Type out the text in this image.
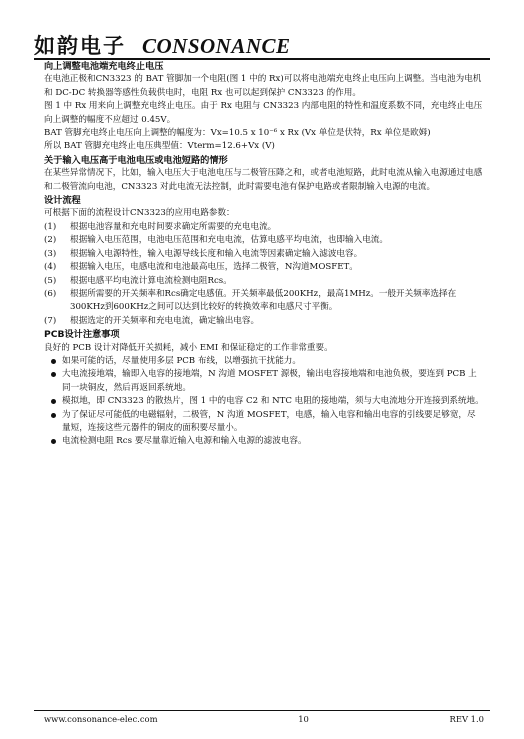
如韵电子 CONSONANCE
向上调整电池端充电终止电压

在电池正极和CN3323 的 BAT 管脚加一个电阻(图 1 中的 Rx)可以将电池端充电终止电压向上调整。当电池为电机和 DC-DC 转换器等感性负载供电时，电阻 Rx 也可以起到保护 CN3323 的作用。

图 1 中 Rx 用来向上调整充电终止电压。由于 Rx 电阻与 CN3323 内部电阻的特性和温度系数不同，充电终止电压向上调整的幅度不应超过 0.45V。

BAT 管脚充电终止电压向上调整的幅度为：Vx=10.5 x 10⁻⁶ x Rx (Vx 单位是伏特，Rx 单位是欧姆)

所以 BAT 管脚充电终止电压典型值：Vterm=12.6+Vx (V)

关于输入电压高于电池电压或电池短路的情形

在某些异常情况下，比如，输入电压大于电池电压与二极管压降之和，或者电池短路，此时电流从输入电源通过电感和二极管流向电池，CN3323 对此电流无法控制，此时需要电池有保护电路或者限制输入电源的电流。

设计流程

可根据下面的流程设计CN3323的应用电路参数：

(1)	根据电池容量和充电时间要求确定所需要的充电电流。
(2)	根据输入电压范围，电池电压范围和充电电流，估算电感平均电流，也即输入电流。
(3)	根据输入电源特性，输入电源导线长度和输入电流等因素确定输入滤波电容。
(4)	根据输入电压，电感电流和电池最高电压，选择二极管，N沟道MOSFET。
(5)	根据电感平均电流计算电流检测电阻Rcs。
(6)	根据所需要的开关频率和Rcs确定电感值。开关频率最低200KHz，最高1MHz。一般开关频率选择在300KHz到600KHz之间可以达到比较好的转换效率和电感尺寸平衡。
(7)	根据选定的开关频率和充电电流，确定输出电容。
PCB设计注意事项

良好的 PCB 设计对降低开关损耗，减小 EMI 和保证稳定的工作非常重要。

如果可能的话，尽量使用多层 PCB 布线，以增强抗干扰能力。
大电流接地端，输即入电容的接地端，N 沟道 MOSFET 源极，输出电容接地端和电池负极，要连到 PCB 上同一块铜皮，然后再返回系统地。
模拟地，即 CN3323 的散热片，图 1 中的电容 C2 和 NTC 电阻的接地端，须与大电流地分开连接到系统地。
为了保证尽可能低的电磁辐射，二极管，N 沟道 MOSFET，电感，输入电容和输出电容的引线要足够宽，尽量短，连接这些元器件的铜皮的面积要尽量小。
电流检测电阻 Rcs 要尽量靠近输入电源和输入电源的滤波电容。
www.consonance-elec.com	10	REV 1.0
